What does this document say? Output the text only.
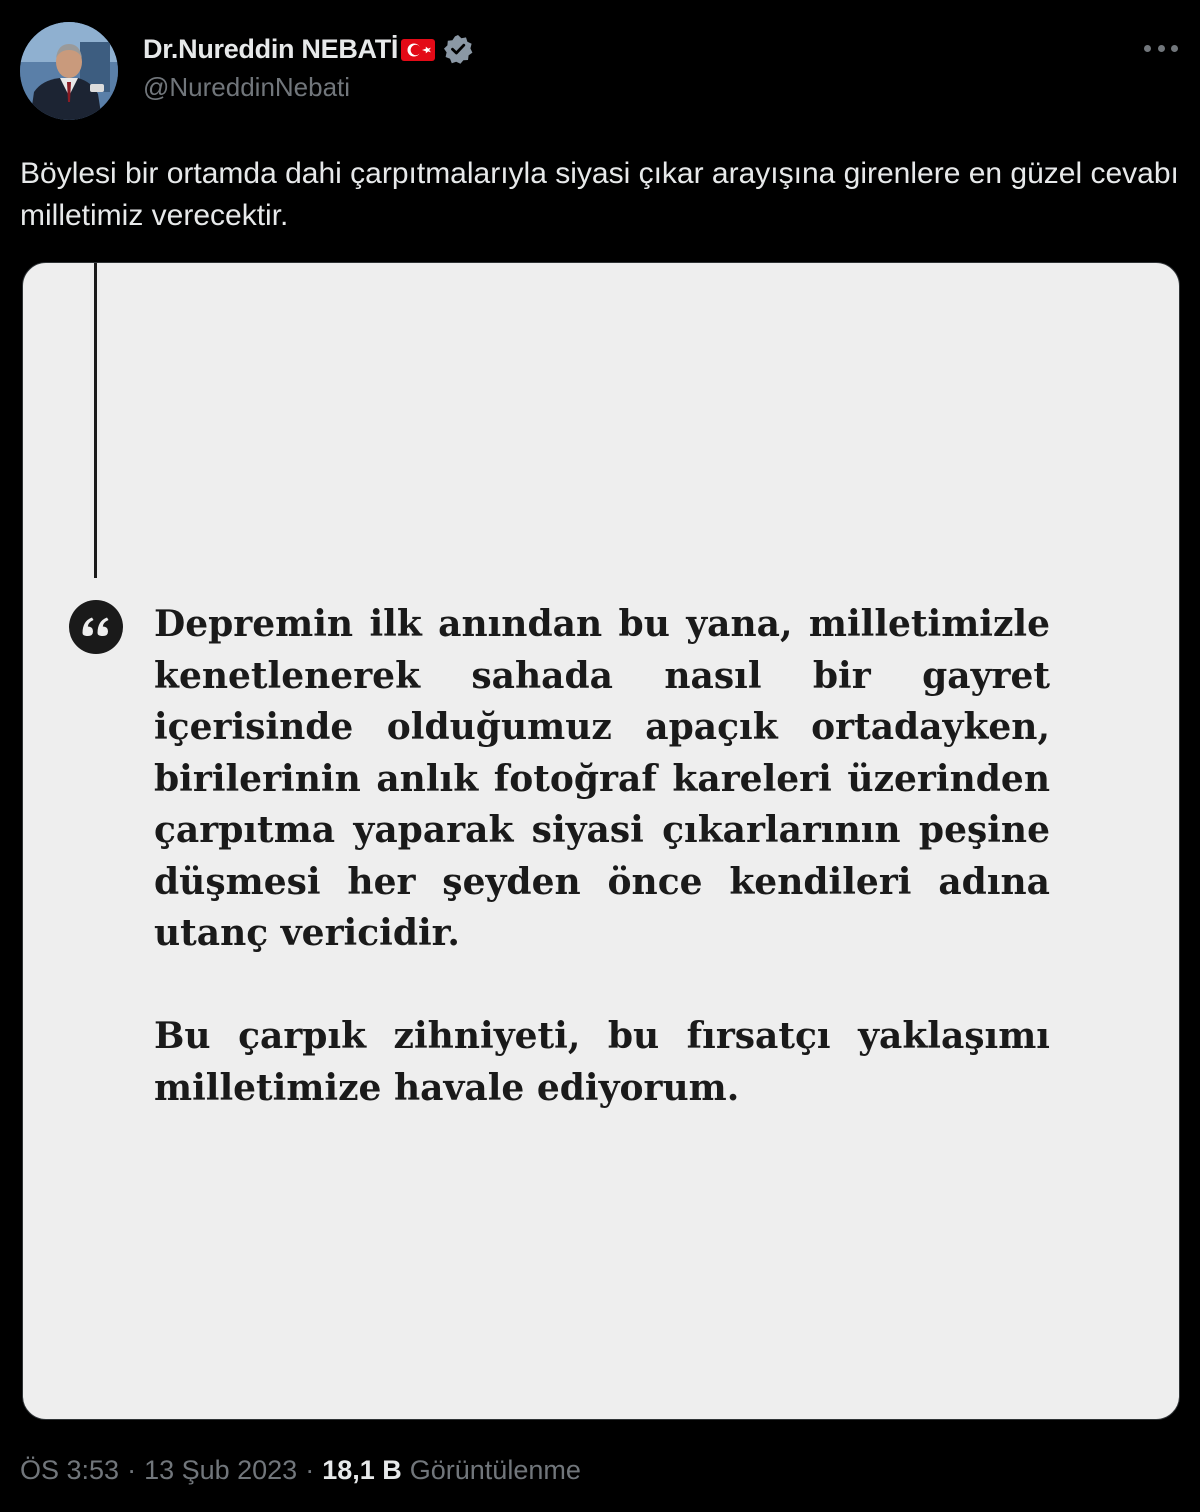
Dr.Nureddin NEBATİ
@NureddinNebati
Böylesi bir ortamda dahi çarpıtmalarıyla siyasi çıkar arayışına girenlere en güzel cevabı milletimiz verecektir.

Depremin ilk anından bu yana, milletimizle kenetlenerek sahada nasıl bir gayret içerisinde olduğumuz apaçık ortadayken, birilerinin anlık fotoğraf kareleri üzerinden çarpıtma yaparak siyasi çıkarlarının peşine düşmesi her şeyden önce kendileri adına utanç vericidir.

Bu çarpık zihniyeti, bu fırsatçı yaklaşımı milletimize havale ediyorum.

ÖS 3:53 · 13 Şub 2023 · 18,1 B Görüntülenme
